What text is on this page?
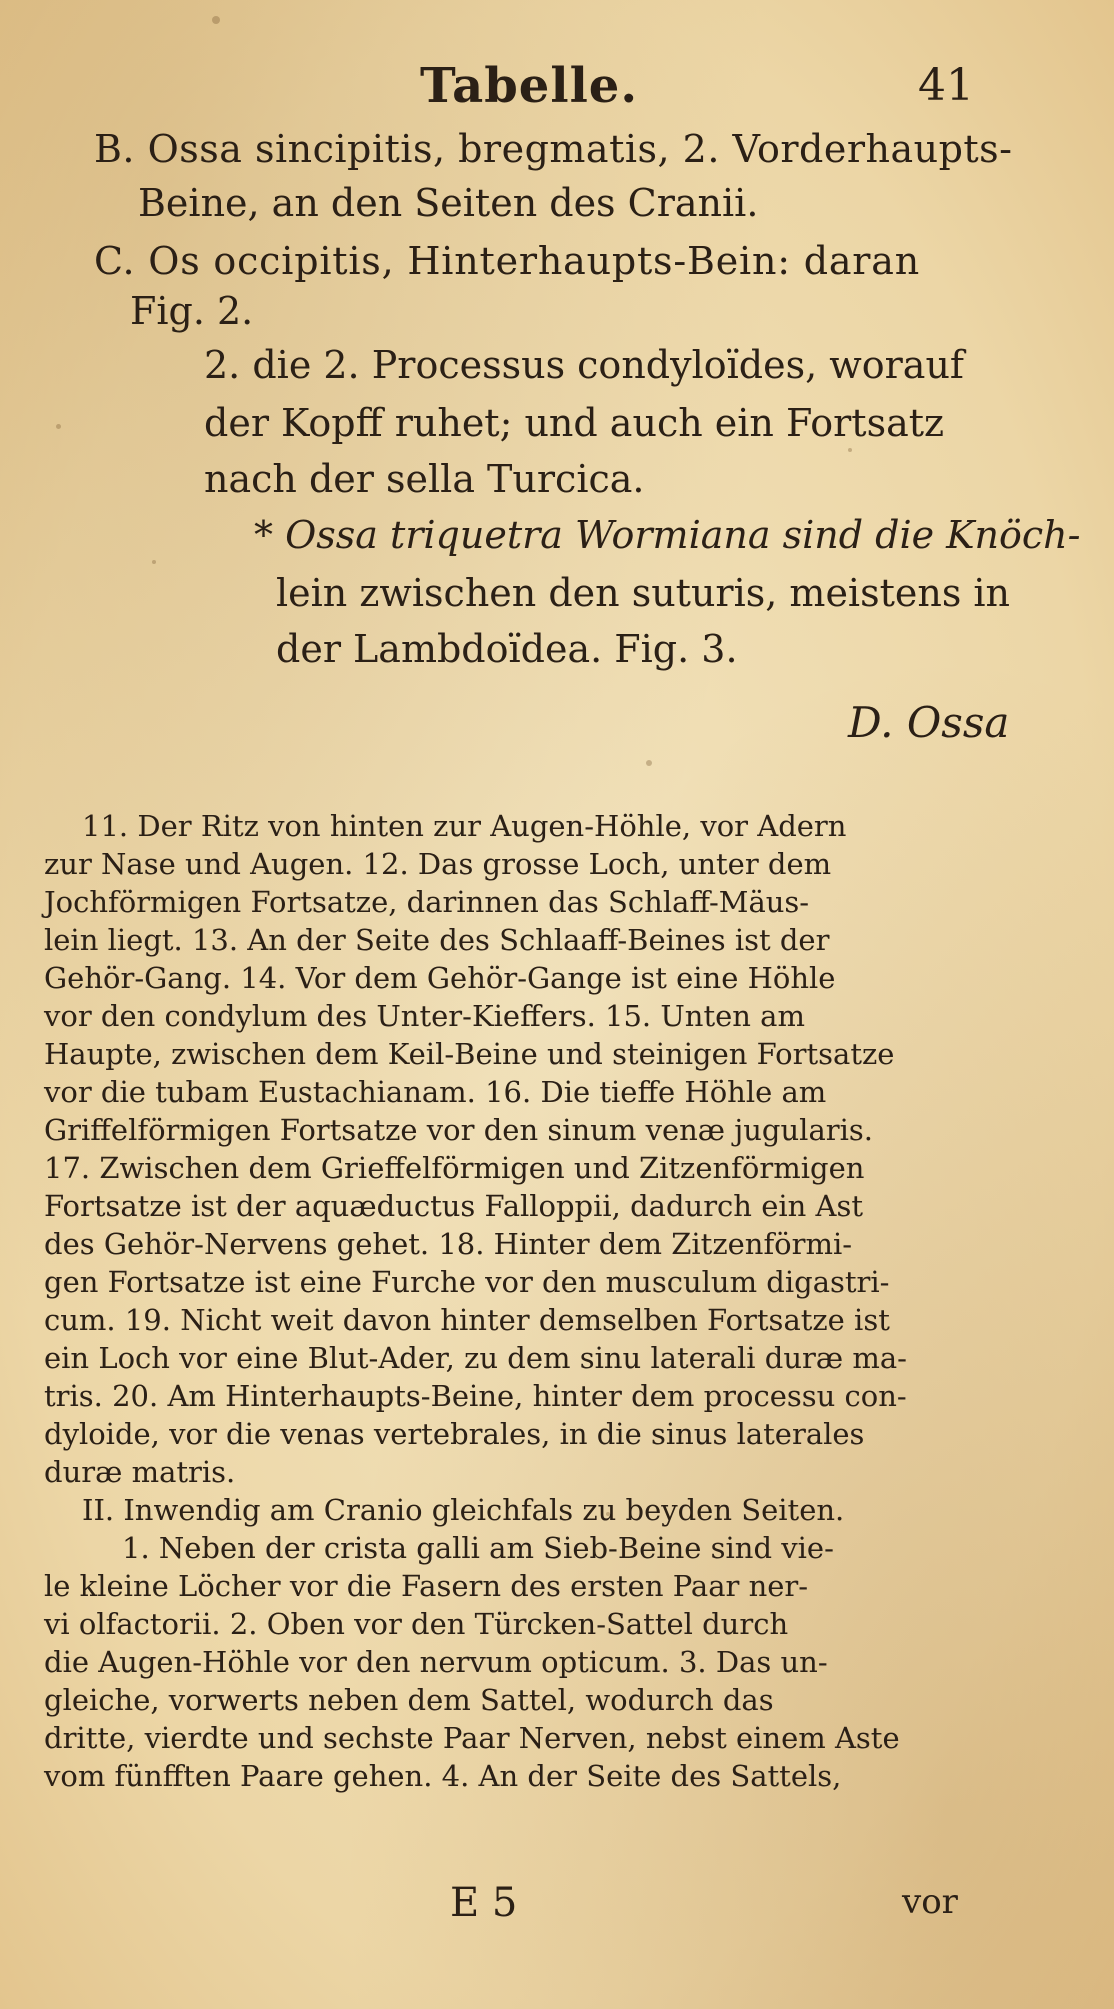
Tabelle.	41
B. Ossa sincipitis, bregmatis, 2. Vorderhaupts-
Beine, an den Seiten des Cranii.
C. Os occipitis, Hinterhaupts-Bein: daran
Fig. 2.
2. die 2. Processus condyloïdes, worauf
der Kopff ruhet; und auch ein Fortsatz
nach der sella Turcica.
* Ossa triquetra Wormiana sind die Knöch-
lein zwischen den suturis, meistens in
der Lambdoïdea. Fig. 3.
D. Ossa
11. Der Ritz von hinten zur Augen-Höhle, vor Adern
zur Nase und Augen. 12. Das grosse Loch, unter dem
Jochförmigen Fortsatze, darinnen das Schlaff-Mäus-
lein liegt. 13. An der Seite des Schlaaff-Beines ist der
Gehör-Gang. 14. Vor dem Gehör-Gange ist eine Höhle
vor den condylum des Unter-Kieffers. 15. Unten am
Haupte, zwischen dem Keil-Beine und steinigen Fortsatze
vor die tubam Eustachianam. 16. Die tieffe Höhle am
Griffelförmigen Fortsatze vor den sinum venæ jugularis.
17. Zwischen dem Grieffelförmigen und Zitzenförmigen
Fortsatze ist der aquæductus Falloppii, dadurch ein Ast
des Gehör-Nervens gehet. 18. Hinter dem Zitzenförmi-
gen Fortsatze ist eine Furche vor den musculum digastri-
cum. 19. Nicht weit davon hinter demselben Fortsatze ist
ein Loch vor eine Blut-Ader, zu dem sinu laterali duræ ma-
tris. 20. Am Hinterhaupts-Beine, hinter dem processu con-
dyloide, vor die venas vertebrales, in die sinus laterales
duræ matris.
II. Inwendig am Cranio gleichfals zu beyden Seiten.
1. Neben der crista galli am Sieb-Beine sind vie-
le kleine Löcher vor die Fasern des ersten Paar ner-
vi olfactorii. 2. Oben vor den Türcken-Sattel durch
die Augen-Höhle vor den nervum opticum. 3. Das un-
gleiche, vorwerts neben dem Sattel, wodurch das
dritte, vierdte und sechste Paar Nerven, nebst einem Aste
vom fünfften Paare gehen. 4. An der Seite des Sattels,
E 5	vor
